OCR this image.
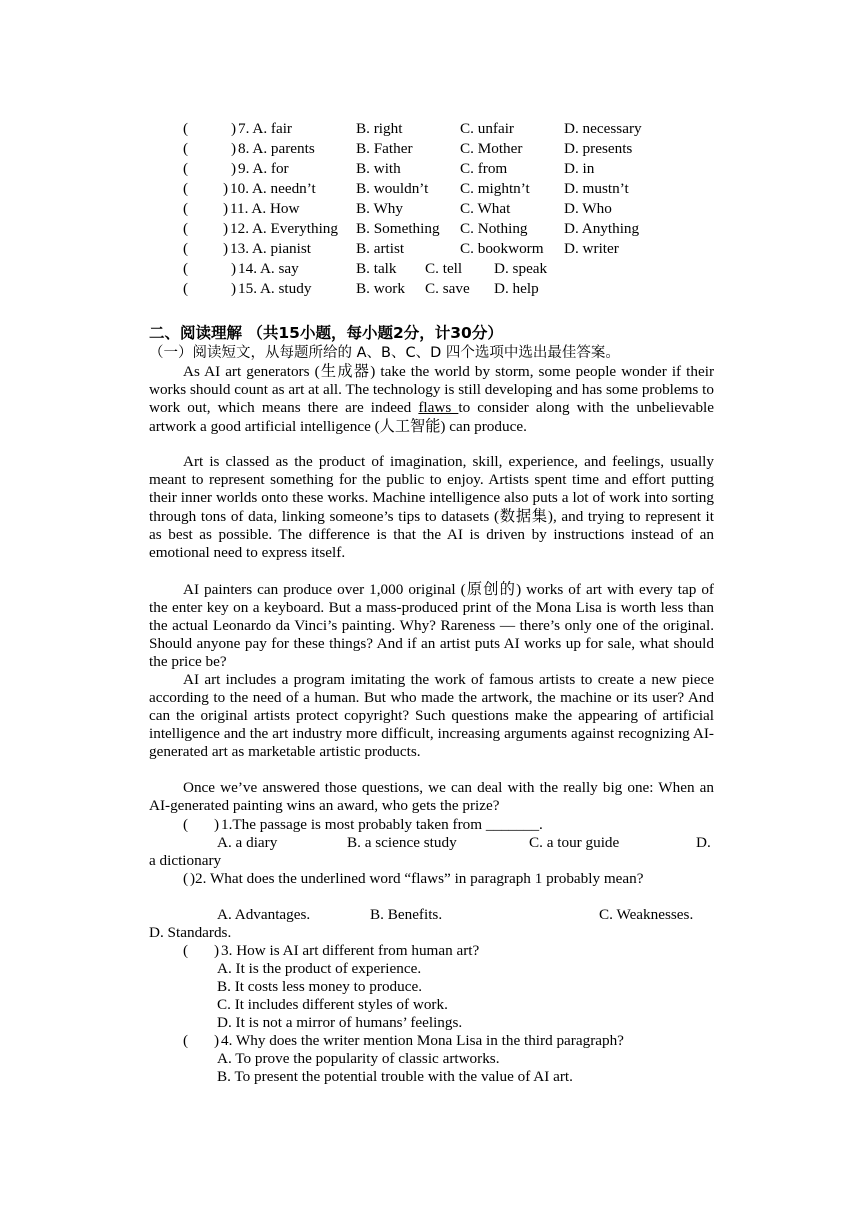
(	) 7. A. fair	B. right	C. unfair	D. necessary
(	) 8. A. parents	B. Father	C. Mother	D. presents
(	) 9. A. for	B. with	C. from	D. in
( ) 10. A. needn’t	B. wouldn’t C. mightn’t D. mustn’t
( ) 11. A. How	B. Why	C. What	D. Who
( ) 12. A. Everything B. Something C. Nothing D. Anything
( ) 13. A. pianist	B. artist	C. bookworm D. writer
(	) 14. A. say	B. talk C. tell D. speak
(	) 15. A. study	B. work C. save D. help
二、阅读理解 （共15小题，每小题2分，计30分）
（一）阅读短文，从每题所给的 A、B、C、D 四个选项中选出最佳答案。

As AI art generators (生成器) take the world by storm, some people wonder if their works should count as art at all. The technology is still developing and has some problems to work out, which means there are indeed flaws to consider along with the unbelievable artwork a good artificial intelligence (人工智能) can produce.

Art is classed as the product of imagination, skill, experience, and feelings, usually meant to represent something for the public to enjoy. Artists spent time and effort putting their inner worlds onto these works. Machine intelligence also puts a lot of work into sorting through tons of data, linking someone’s tips to datasets (数据集), and trying to represent it as best as possible. The difference is that the AI is driven by instructions instead of an emotional need to express itself.

AI painters can produce over 1,000 original (原创的) works of art with every tap of the enter key on a keyboard. But a mass-produced print of the Mona Lisa is worth less than the actual Leonardo da Vinci’s painting. Why? Rareness — there’s only one of the original. Should anyone pay for these things? And if an artist puts AI works up for sale, what should the price be?

AI art includes a program imitating the work of famous artists to create a new piece according to the need of a human. But who made the artwork, the machine or its user? And can the original artists protect copyright? Such questions make the appearing of artificial intelligence and the art industry more difficult, increasing arguments against recognizing AI-generated art as marketable artistic products.

Once we’ve answered those questions, we can deal with the really big one: When an AI-generated painting wins an award, who gets the prize?

( ) 1.The passage is most probably taken from _______.
A. a diary	B. a science study	C. a tour guide	D.
a dictionary
( )2. What does the underlined word “flaws” in paragraph 1 probably mean?

A. Advantages.	B. Benefits.	C. Weaknesses.
D. Standards.
( ) 3. How is AI art different from human art?
A. It is the product of experience.
B. It costs less money to produce.
C. It includes different styles of work.
D. It is not a mirror of humans’ feelings.
( ) 4. Why does the writer mention Mona Lisa in the third paragraph?
A. To prove the popularity of classic artworks.
B. To present the potential trouble with the value of AI art.
